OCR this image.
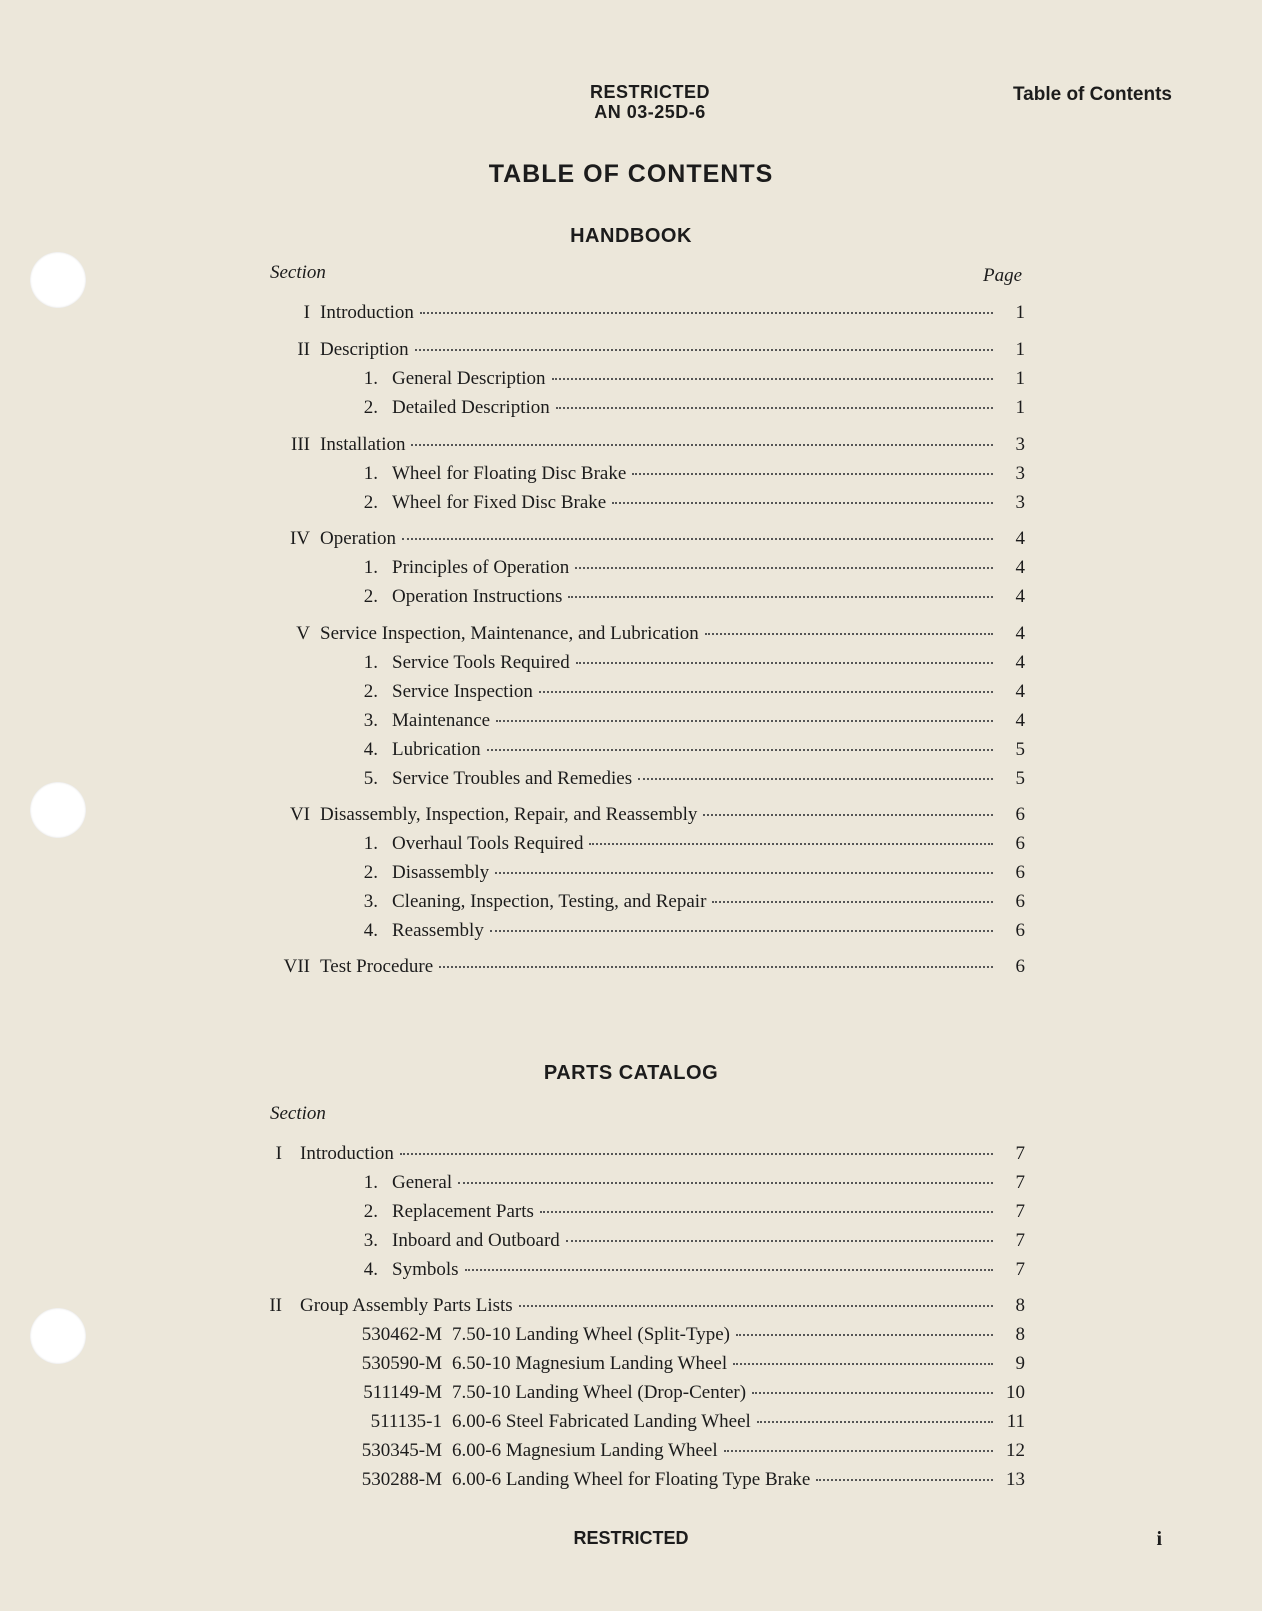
RESTRICTED
AN 03-25D-6
Table of Contents
TABLE OF CONTENTS
HANDBOOK
Section	Page
I Introduction	1
II Description	1
1. General Description	1
2. Detailed Description	1
III Installation	3
1. Wheel for Floating Disc Brake	3
2. Wheel for Fixed Disc Brake	3
IV Operation	4
1. Principles of Operation	4
2. Operation Instructions	4
V Service Inspection, Maintenance, and Lubrication	4
1. Service Tools Required	4
2. Service Inspection	4
3. Maintenance	4
4. Lubrication	5
5. Service Troubles and Remedies	5
VI Disassembly, Inspection, Repair, and Reassembly	6
1. Overhaul Tools Required	6
2. Disassembly	6
3. Cleaning, Inspection, Testing, and Repair	6
4. Reassembly	6
VII Test Procedure	6
PARTS CATALOG
Section
I Introduction	7
1. General	7
2. Replacement Parts	7
3. Inboard and Outboard	7
4. Symbols	7
II Group Assembly Parts Lists	8
530462-M 7.50-10 Landing Wheel (Split-Type)	8
530590-M 6.50-10 Magnesium Landing Wheel	9
511149-M 7.50-10 Landing Wheel (Drop-Center)	10
511135-1 6.00-6 Steel Fabricated Landing Wheel	11
530345-M 6.00-6 Magnesium Landing Wheel	12
530288-M 6.00-6 Landing Wheel for Floating Type Brake	13
RESTRICTED	i
